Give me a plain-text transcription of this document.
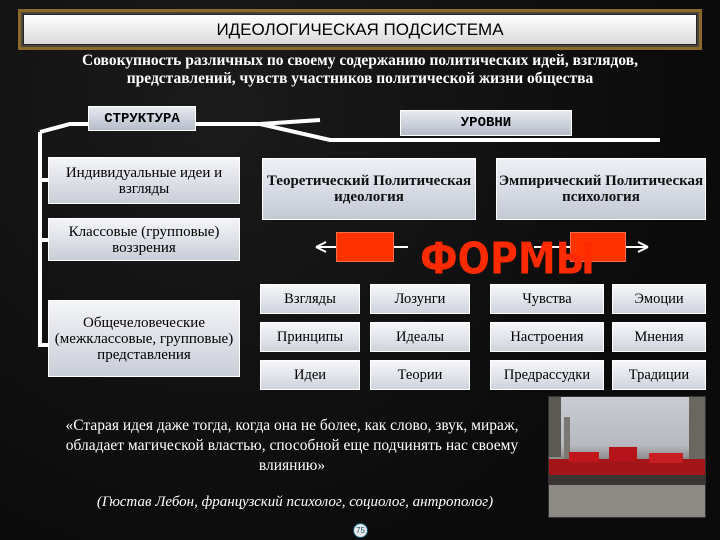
ИДЕОЛОГИЧЕСКАЯ ПОДСИСТЕМА
Совокупность различных по своему содержанию политических идей, взглядов,
представлений, чувств участников политической жизни общества
СТРУКТУРА	УРОВНИ
Индивидуальные идеи и взгляды
Классовые (групповые) воззрения
Общечеловеческие (межклассовые, групповые) представления
Теоретический Политическая идеология
Эмпирический Политическая психология
ФОРМЫ
Взгляды	Лозунги
Принципы	Идеалы
Идеи	Теории
Чувства	Эмоции
Настроения	Мнения
Предрассудки	Традиции
«Старая идея даже тогда, когда она не более, как слово, звук, мираж, обладает магической властью, способной еще подчинять нас своему влиянию»
(Гюстав Лебон, французский психолог, социолог, антрополог)
75
